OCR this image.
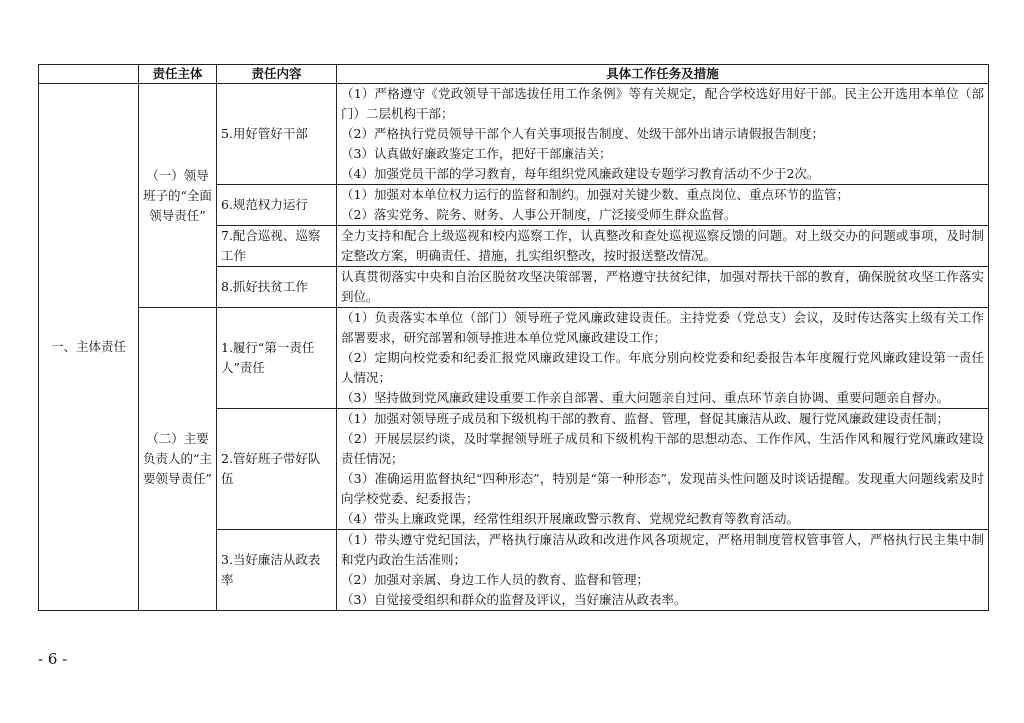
	责任主体	责任内容	具体工作任务及措施
一、主体责任	（一）领导班子的“全面领导责任”	5.用好管好干部	（1）严格遵守《党政领导干部选拔任用工作条例》等有关规定，配合学校选好用好干部。民主公开选用本单位（部门）二层机构干部；
（2）严格执行党员领导干部个人有关事项报告制度、处级干部外出请示请假报告制度；
（3）认真做好廉政鉴定工作，把好干部廉洁关；
（4）加强党员干部的学习教育，每年组织党风廉政建设专题学习教育活动不少于2次。

		6.规范权力运行	（1）加强对本单位权力运行的监督和制约。加强对关键少数、重点岗位、重点环节的监管；
（2）落实党务、院务、财务、人事公开制度，广泛接受师生群众监督。

		7.配合巡视、巡察工作	全力支持和配合上级巡视和校内巡察工作，认真整改和查处巡视巡察反馈的问题。对上级交办的问题或事项，及时制定整改方案，明确责任、措施，扎实组织整改，按时报送整改情况。

		8.抓好扶贫工作	认真贯彻落实中央和自治区脱贫攻坚决策部署，严格遵守扶贫纪律，加强对帮扶干部的教育，确保脱贫攻坚工作落实到位。

	（二）主要负责人的“主要领导责任”	1.履行“第一责任人”责任	（1）负责落实本单位（部门）领导班子党风廉政建设责任。主持党委（党总支）会议，及时传达落实上级有关工作部署要求，研究部署和领导推进本单位党风廉政建设工作；
（2）定期向校党委和纪委汇报党风廉政建设工作。年底分别向校党委和纪委报告本年度履行党风廉政建设第一责任人情况；
（3）坚持做到党风廉政建设重要工作亲自部署、重大问题亲自过问、重点环节亲自协调、重要问题亲自督办。

		2.管好班子带好队伍	（1）加强对领导班子成员和下级机构干部的教育、监督、管理，督促其廉洁从政、履行党风廉政建设责任制；
（2）开展层层约谈，及时掌握领导班子成员和下级机构干部的思想动态、工作作风、生活作风和履行党风廉政建设责任情况；
（3）准确运用监督执纪“四种形态”，特别是“第一种形态”，发现苗头性问题及时谈话提醒。发现重大问题线索及时向学校党委、纪委报告；
（4）带头上廉政党课，经常性组织开展廉政警示教育、党规党纪教育等教育活动。

		3.当好廉洁从政表率	（1）带头遵守党纪国法，严格执行廉洁从政和改进作风各项规定，严格用制度管权管事管人，严格执行民主集中制和党内政治生活准则；
（2）加强对亲属、身边工作人员的教育、监督和管理；
（3）自觉接受组织和群众的监督及评议，当好廉洁从政表率。
- 6 -
